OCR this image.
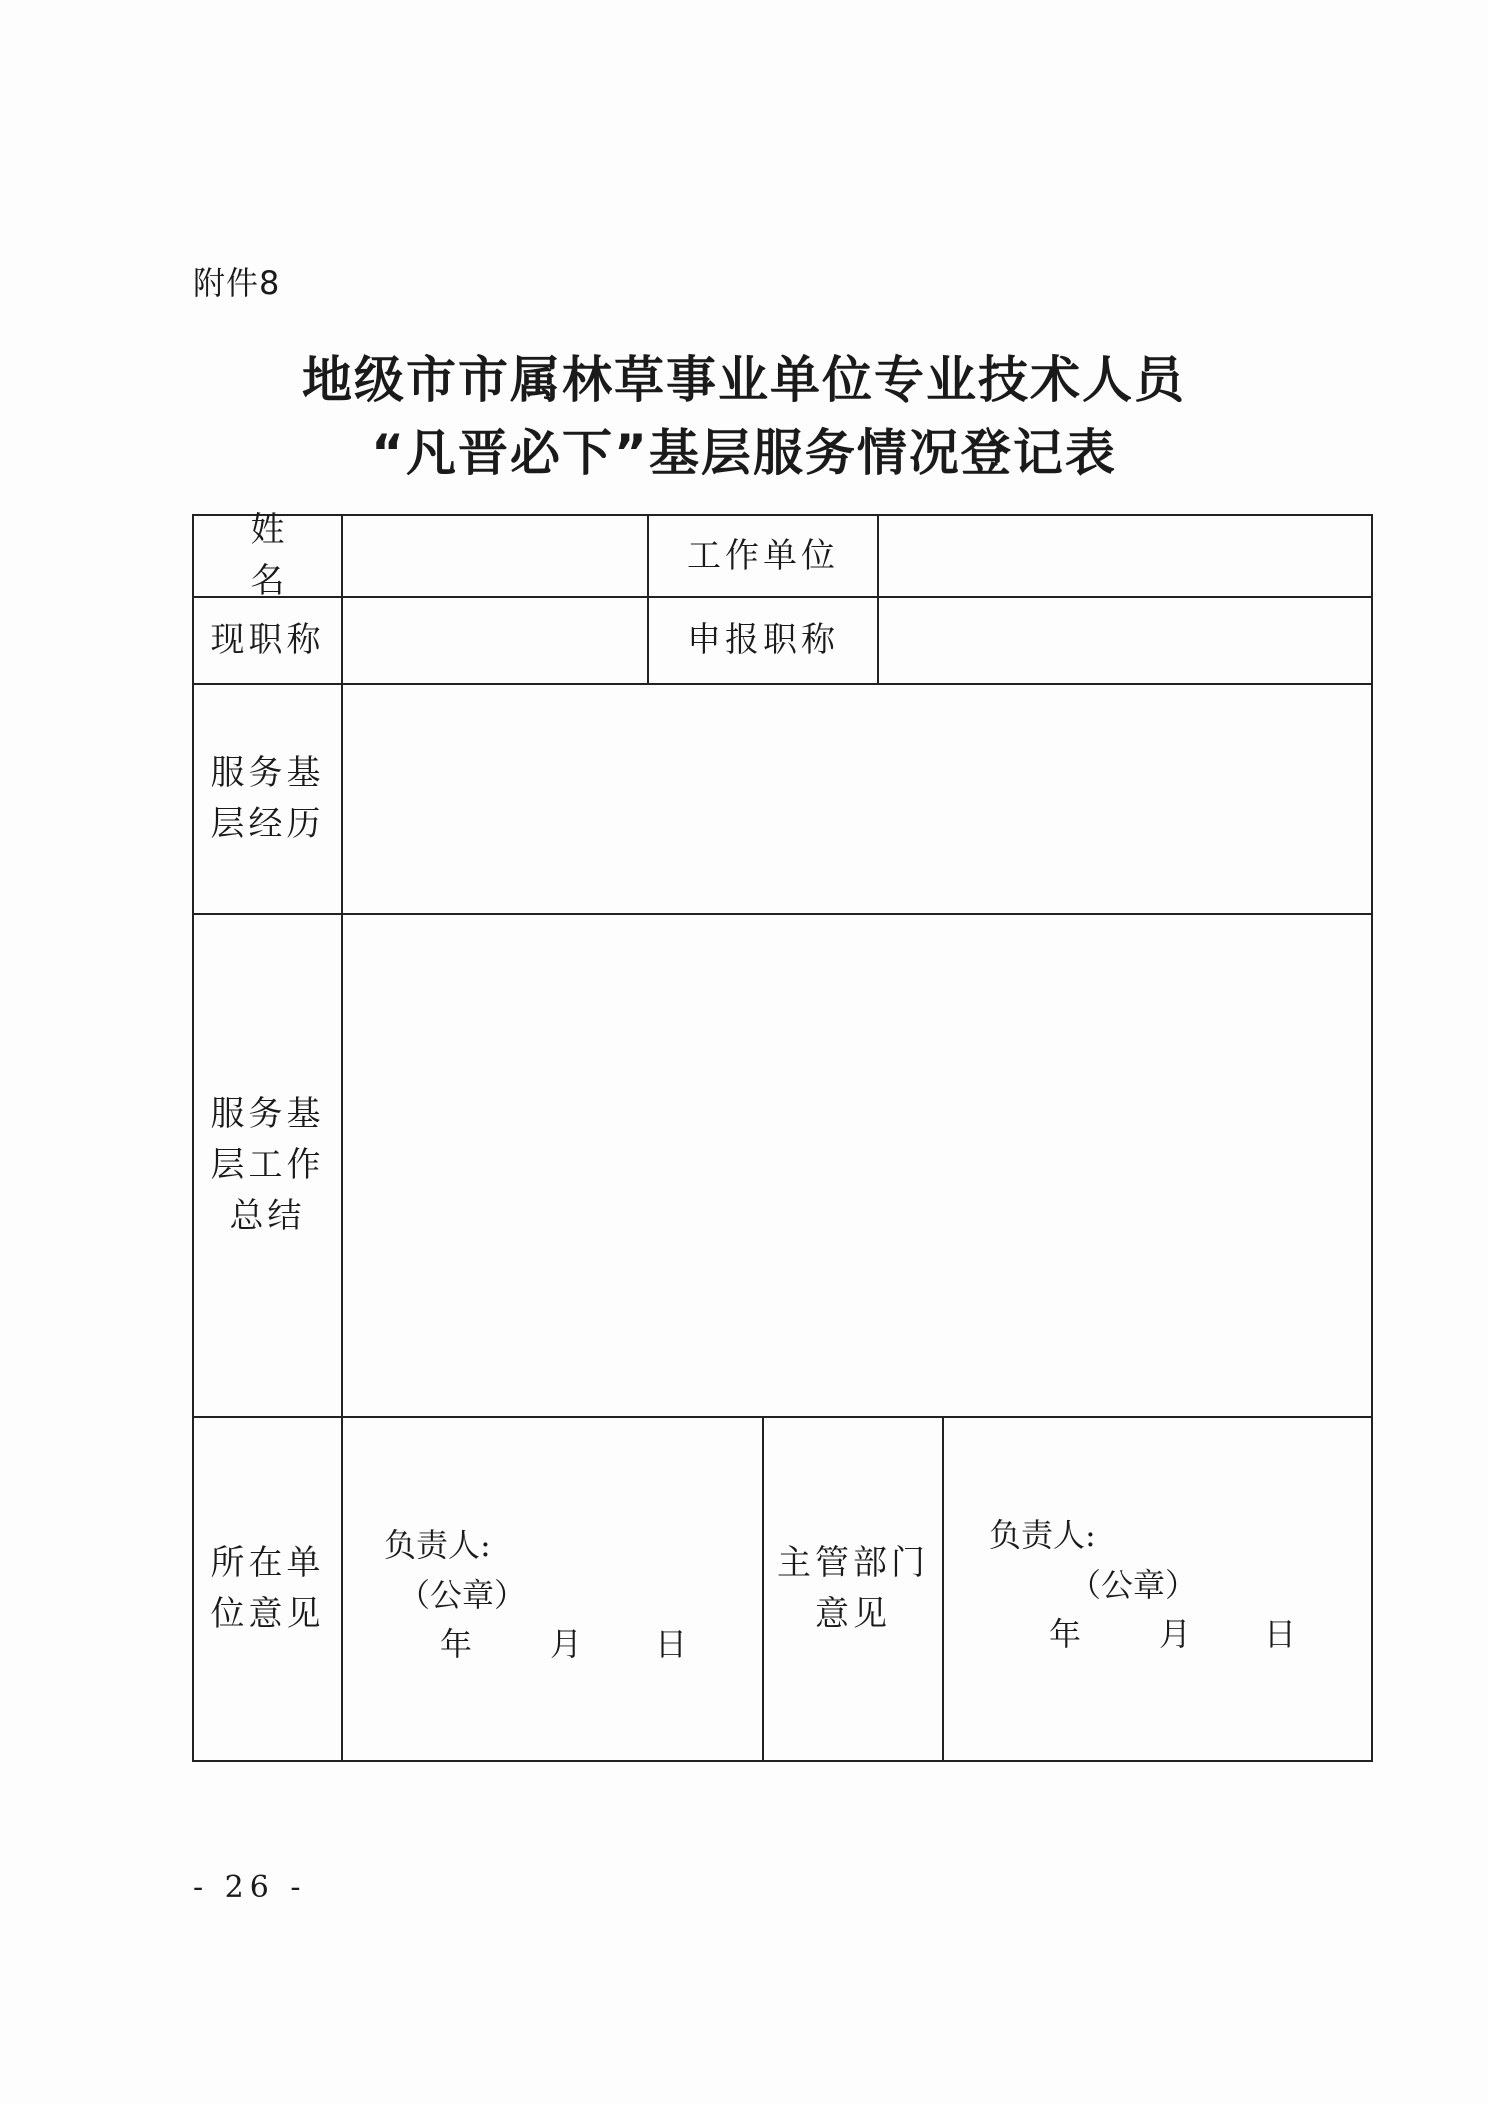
附件8
地级市市属林草事业单位专业技术人员
“凡晋必下”基层服务情况登记表
姓名
工作单位
现职称	申报职称
服务基
层经历
服务基
层工作
总结
所在单
位意见
负责人:
（公章）
年 月 日
主管部门
意见
负责人:
（公章）
年 月 日
- 26 -
